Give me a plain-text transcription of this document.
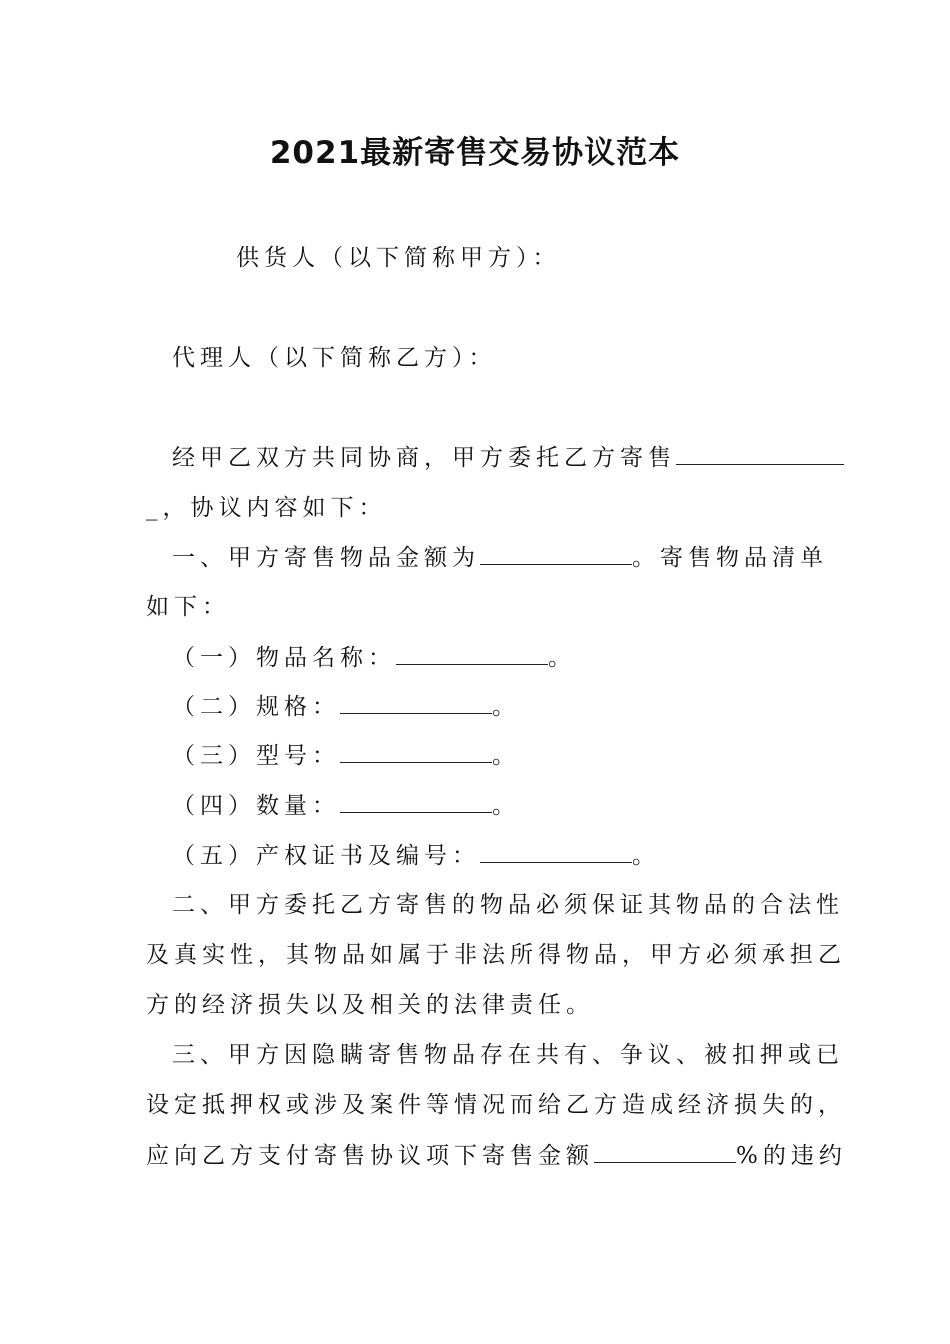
2021最新寄售交易协议范本
供货人（以下简称甲方）：
代理人（以下简称乙方）：
经甲乙双方共同协商，甲方委托乙方寄售
_，协议内容如下：
一、甲方寄售物品金额为	。寄售物品清单
如下：
（一）物品名称：	。
（二）规格：	。
（三）型号：	。
（四）数量：	。
（五）产权证书及编号：	。
二、甲方委托乙方寄售的物品必须保证其物品的合法性
及真实性，其物品如属于非法所得物品，甲方必须承担乙
方的经济损失以及相关的法律责任。
三、甲方因隐瞒寄售物品存在共有、争议、被扣押或已
设定抵押权或涉及案件等情况而给乙方造成经济损失的，
应向乙方支付寄售协议项下寄售金额	%的违约
